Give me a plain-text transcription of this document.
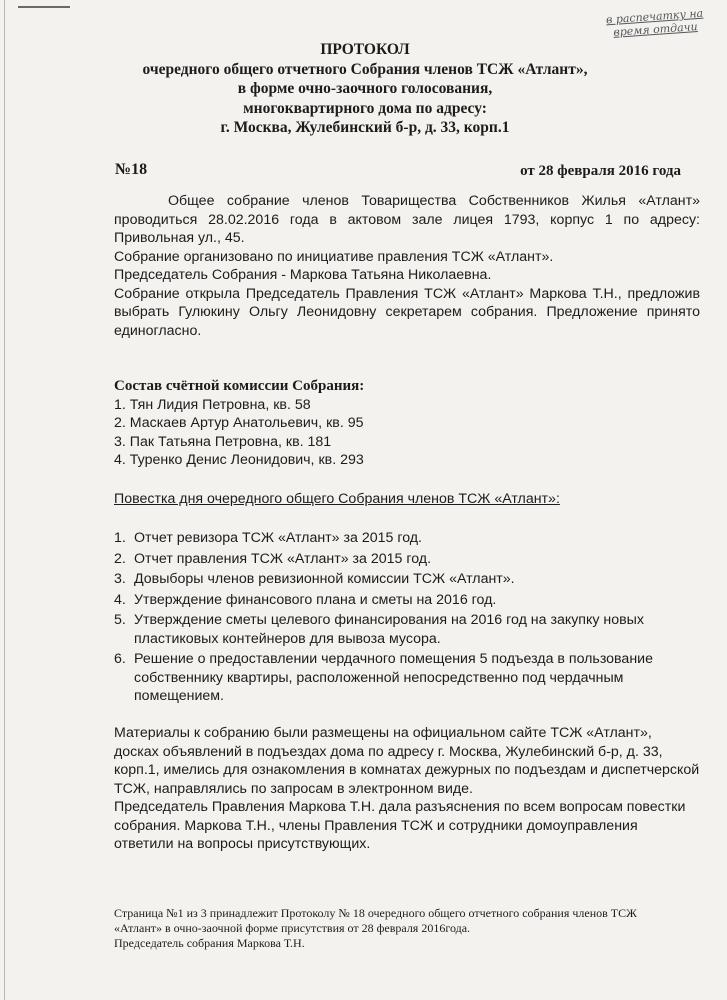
в распечатку на время отдачи
ПРОТОКОЛ
очередного общего отчетного Собрания членов ТСЖ «Атлант»,
в форме очно-заочного голосования,
многоквартирного дома по адресу:
г. Москва, Жулебинский б-р, д. 33, корп.1
№18	от 28 февраля 2016 года

Общее собрание членов Товарищества Собственников Жилья «Атлант» проводиться 28.02.2016 года в актовом зале лицея 1793, корпус 1 по адресу: Привольная ул., 45.

Собрание организовано по инициативе правления ТСЖ «Атлант».

Председатель Собрания - Маркова Татьяна Николаевна.

Собрание открыла Председатель Правления ТСЖ «Атлант» Маркова Т.Н., предложив выбрать Гулюкину Ольгу Леонидовну секретарем собрания. Предложение принято единогласно.

Состав счётной комиссии Собрания:
1. Тян Лидия Петровна, кв. 58
2. Маскаев Артур Анатольевич, кв. 95
3. Пак Татьяна Петровна, кв. 181
4. Туренко Денис Леонидович, кв. 293
Повестка дня очередного общего Собрания членов ТСЖ «Атлант»:
1. Отчет ревизора ТСЖ «Атлант» за 2015 год.
2. Отчет правления ТСЖ «Атлант» за 2015 год.
3. Довыборы членов ревизионной комиссии ТСЖ «Атлант».
4. Утверждение финансового плана и сметы на 2016 год.
5. Утверждение сметы целевого финансирования на 2016 год на закупку новых пластиковых контейнеров для вывоза мусора.
6. Решение о предоставлении чердачного помещения 5 подъезда в пользование собственнику квартиры, расположенной непосредственно под чердачным помещением.

Материалы к собранию были размещены на официальном сайте ТСЖ «Атлант», досках объявлений в подъездах дома по адресу г. Москва, Жулебинский б-р, д. 33, корп.1, имелись для ознакомления в комнатах дежурных по подъездам и диспетчерской ТСЖ, направлялись по запросам в электронном виде.

Председатель Правления Маркова Т.Н. дала разъяснения по всем вопросам повестки собрания. Маркова Т.Н., члены Правления ТСЖ и сотрудники домоуправления ответили на вопросы присутствующих.

Страница №1 из 3 принадлежит Протоколу № 18 очередного общего отчетного собрания членов ТСЖ «Атлант» в очно-заочной форме присутствия от 28 февраля 2016года.
Председатель собрания Маркова Т.Н.
